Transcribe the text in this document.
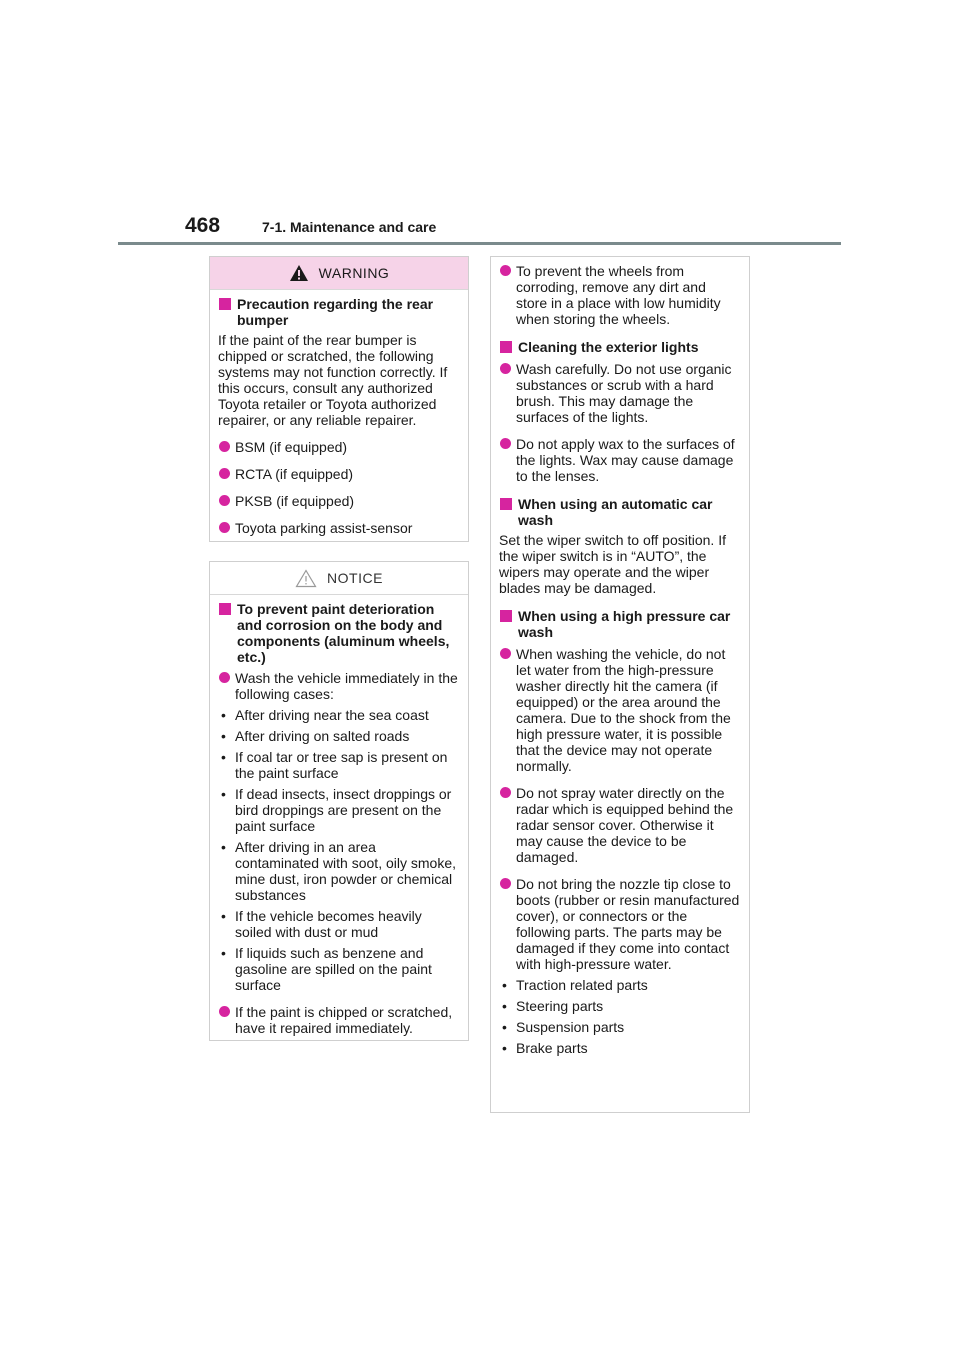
468	7-1. Maintenance and care
WARNING
Precaution regarding the rear bumper
If the paint of the rear bumper is chipped or scratched, the following systems may not function correctly. If this occurs, consult any authorized Toyota retailer or Toyota authorized repairer, or any reliable repairer.
BSM (if equipped)
RCTA (if equipped)
PKSB (if equipped)
Toyota parking assist-sensor
NOTICE
To prevent paint deterioration and corrosion on the body and components (aluminum wheels, etc.)
Wash the vehicle immediately in the following cases:
• After driving near the sea coast
• After driving on salted roads
• If coal tar or tree sap is present on the paint surface
• If dead insects, insect droppings or bird droppings are present on the paint surface
• After driving in an area contaminated with soot, oily smoke, mine dust, iron powder or chemical substances
• If the vehicle becomes heavily soiled with dust or mud
• If liquids such as benzene and gasoline are spilled on the paint surface
If the paint is chipped or scratched, have it repaired immediately.
To prevent the wheels from corroding, remove any dirt and store in a place with low humidity when storing the wheels.
Cleaning the exterior lights
Wash carefully. Do not use organic substances or scrub with a hard brush. This may damage the surfaces of the lights.
Do not apply wax to the surfaces of the lights. Wax may cause damage to the lenses.
When using an automatic car wash
Set the wiper switch to off position. If the wiper switch is in “AUTO”, the wipers may operate and the wiper blades may be damaged.
When using a high pressure car wash
When washing the vehicle, do not let water from the high-pressure washer directly hit the camera (if equipped) or the area around the camera. Due to the shock from the high pressure water, it is possible that the device may not operate normally.
Do not spray water directly on the radar which is equipped behind the radar sensor cover. Otherwise it may cause the device to be damaged.
Do not bring the nozzle tip close to boots (rubber or resin manufactured cover), or connectors or the following parts. The parts may be damaged if they come into contact with high-pressure water.
• Traction related parts
• Steering parts
• Suspension parts
• Brake parts
